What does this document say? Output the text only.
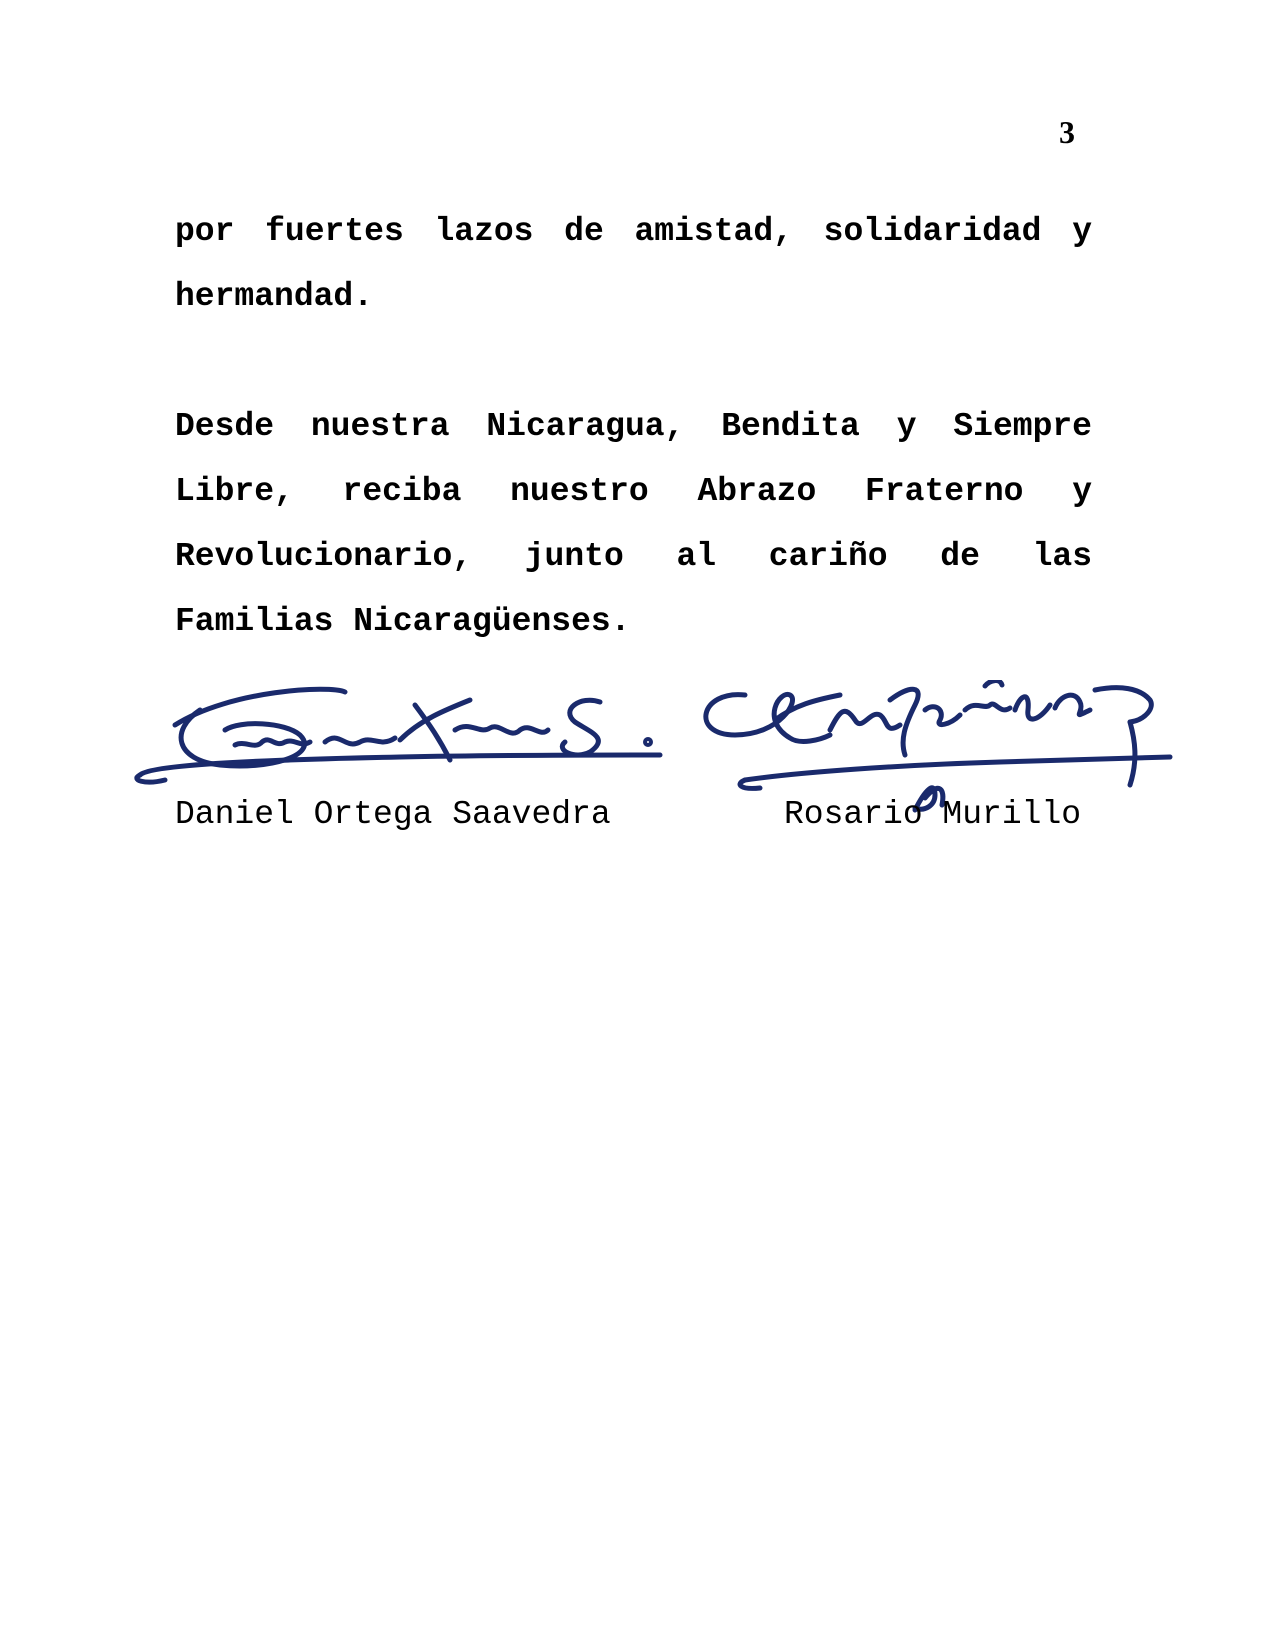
3

por fuertes lazos de amistad, solidaridad y hermandad.

Desde nuestra Nicaragua, Bendita y Siempre Libre, reciba nuestro Abrazo Fraterno y Revolucionario, junto al cariño de las Familias Nicaragüenses.

Daniel Ortega Saavedra	Rosario Murillo
